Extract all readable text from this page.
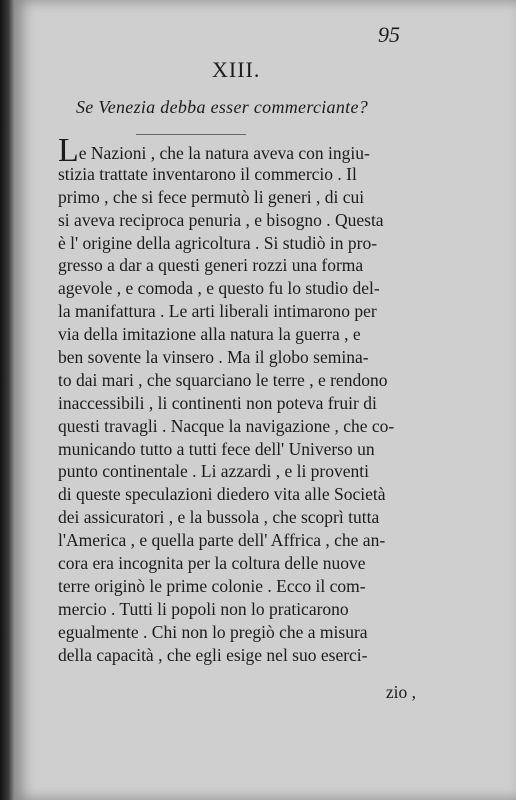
95
XIII.
Se Venezia debba esser commerciante?
Le Nazioni , che la natura aveva con ingiu-
stizia trattate inventarono il commercio . Il
primo , che si fece permutò li generi , di cui
si aveva reciproca penuria , e bisogno . Questa
è l' origine della agricoltura . Si studiò in pro-
gresso a dar a questi generi rozzi una forma
agevole , e comoda , e questo fu lo studio del-
la manifattura . Le arti liberali intimarono per
via della imitazione alla natura la guerra , e
ben sovente la vinsero . Ma il globo semina-
to dai mari , che squarciano le terre , e rendono
inaccessibili , li continenti non poteva fruir di
questi travagli . Nacque la navigazione , che co-
municando tutto a tutti fece dell' Universo un
punto continentale . Li azzardi , e li proventi
di queste speculazioni diedero vita alle Società
dei assicuratori , e la bussola , che scoprì tutta
l'America , e quella parte dell' Affrica , che an-
cora era incognita per la coltura delle nuove
terre originò le prime colonie . Ecco il com-
mercio . Tutti li popoli non lo praticarono
egualmente . Chi non lo pregiò che a misura
della capacità , che egli esige nel suo eserci-
zio ,
